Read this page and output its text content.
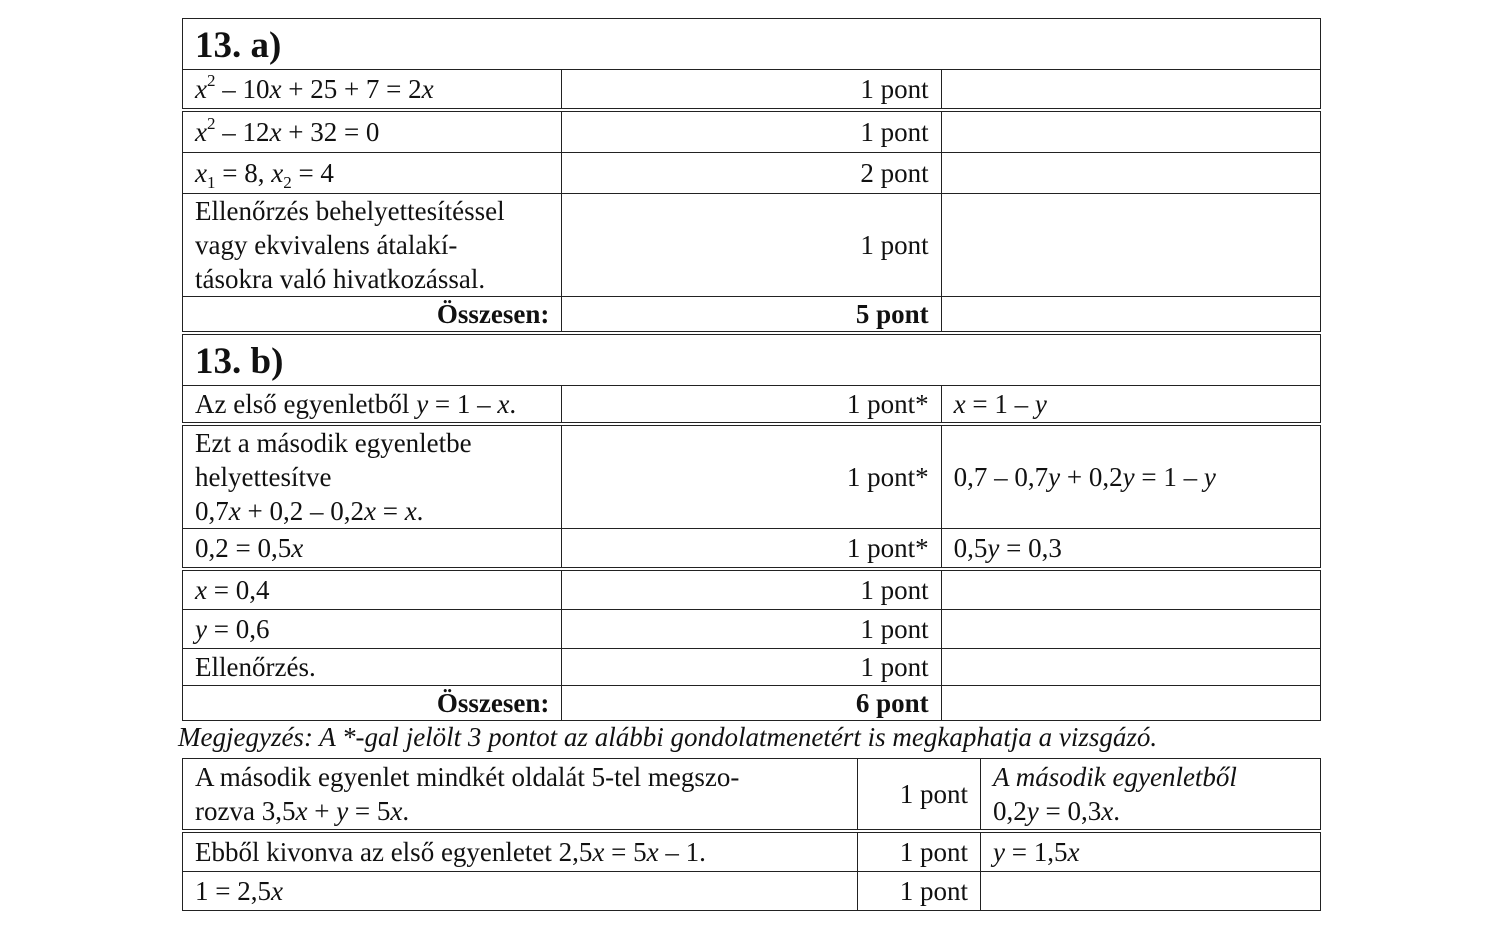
13. a)		
$x^2 - 10x + 25 + 7 = 2x$	1 pont	
$x^2 - 12x + 32 = 0$	1 pont	
$x_1 = 8$, $x_2 = 4$	2 pont	
Ellenőrzés behelyettesítéssel vagy ekvivalens átalakí-
tásokra való hivatkozással.	1 pont	
Összesen:	5 pont	
13. b)		
Az első egyenletből y = 1 – x.	1 pont*	x = 1 – y
Ezt a második egyenletbe helyettesítve
0,7x + 0,2 – 0,2x = x.	1 pont*	0,7 – 0,7y + 0,2y = 1 – y
0,2 = 0,5x	1 pont*	0,5y = 0,3
x = 0,4	1 pont	
y = 0,6	1 pont	
Ellenőrzés.	1 pont	
Összesen:	6 pont	
Megjegyzés: A *-gal jelölt 3 pontot az alábbi gondolatmenetért is megkaphatja a vizsgázó.
A második egyenlet mindkét oldalát 5-tel megszo-
rozva 3,5x + y = 5x.	1 pont	A második egyenletből
0,2y = 0,3x.
Ebből kivonva az első egyenletet 2,5x = 5x – 1.	1 pont	y = 1,5x
1 = 2,5x	1 pont	
